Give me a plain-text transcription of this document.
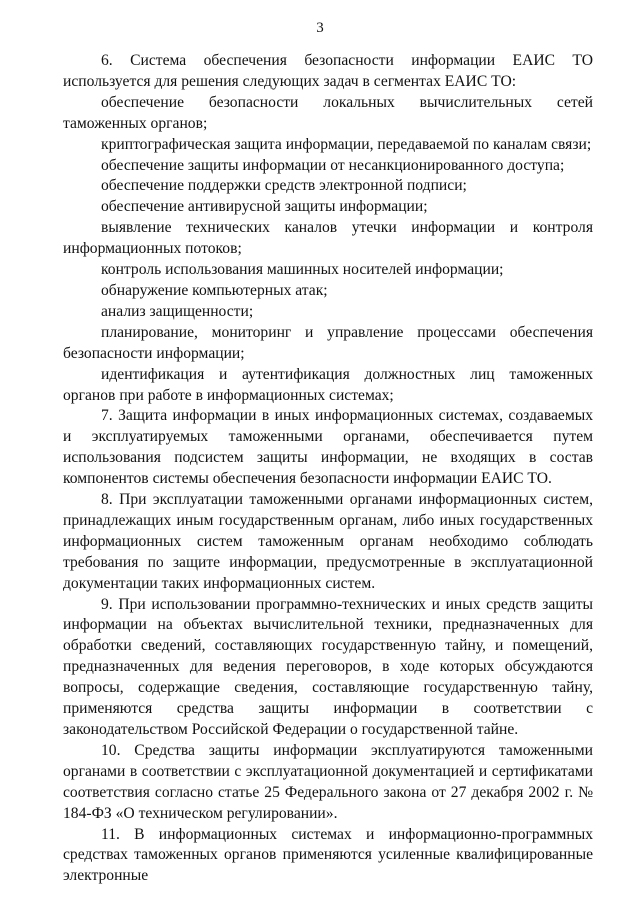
3

6. Система обеспечения безопасности информации ЕАИС ТО используется для решения следующих задач в сегментах ЕАИС ТО:

обеспечение безопасности локальных вычислительных сетей таможенных органов;

криптографическая защита информации, передаваемой по каналам связи;

обеспечение защиты информации от несанкционированного доступа;

обеспечение поддержки средств электронной подписи;

обеспечение антивирусной защиты информации;

выявление технических каналов утечки информации и контроля информационных потоков;

контроль использования машинных носителей информации;

обнаружение компьютерных атак;

анализ защищенности;

планирование, мониторинг и управление процессами обеспечения безопасности информации;

идентификация и аутентификация должностных лиц таможенных органов при работе в информационных системах;

7. Защита информации в иных информационных системах, создаваемых и эксплуатируемых таможенными органами, обеспечивается путем использования подсистем защиты информации, не входящих в состав компонентов системы обеспечения безопасности информации ЕАИС ТО.

8. При эксплуатации таможенными органами информационных систем, принадлежащих иным государственным органам, либо иных государственных информационных систем таможенным органам необходимо соблюдать требования по защите информации, предусмотренные в эксплуатационной документации таких информационных систем.

9. При использовании программно-технических и иных средств защиты информации на объектах вычислительной техники, предназначенных для обработки сведений, составляющих государственную тайну, и помещений, предназначенных для ведения переговоров, в ходе которых обсуждаются вопросы, содержащие сведения, составляющие государственную тайну, применяются средства защиты информации в соответствии с законодательством Российской Федерации о государственной тайне.

10. Средства защиты информации эксплуатируются таможенными органами в соответствии с эксплуатационной документацией и сертификатами соответствия согласно статье 25 Федерального закона от 27 декабря 2002 г. № 184-ФЗ «О техническом регулировании».

11. В информационных системах и информационно-программных средствах таможенных органов применяются усиленные квалифицированные электронные
